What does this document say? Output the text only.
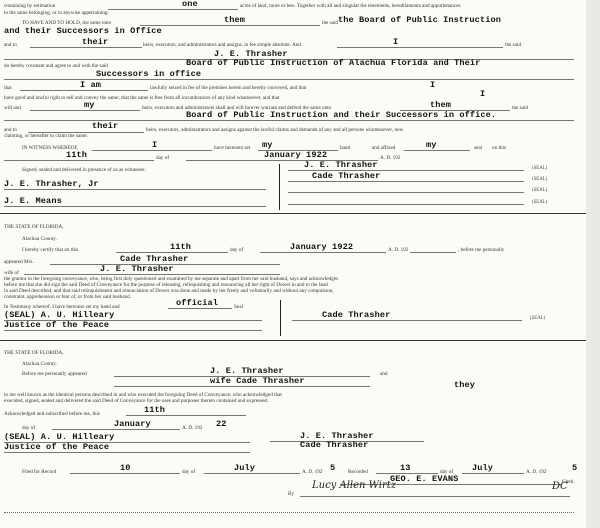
containing by estimation	one	acres of land, more or less. Together with all and singular the tenements, hereditaments and appurtenances
to the same belonging, or in anywise appertaining.
TO HAVE AND TO HOLD, the same unto	them	the said the Board of Public Instruction
and their Successors in Office
and to	their	heirs, executors, and administrators and assigns, in fee simple absolute. And	I	the said
J. E. Thrasher
do hereby covenant and agree to and with the said	Board of Public Instruction of Alachua Florida and Their
Successors in office
that	I am	lawfully seized in fee of the premises herein and hereby conveyed, and that	I
have good and lawful right to sell and convey the same; that the same is free from all incumbrances of any kind whatsoever, and that	I
will and	my	heirs, executors and administrators shall and will forever warrant and defend the same unto	them	the said
Board of Public Instruction and their Successors in office.
and to	their	heirs, executors, administrators and assigns against the lawful claims and demands of any and all persons whomsoever, now
claiming, or hereafter to claim the same.
IN WITNESS WHEREOF,	I	have hereunto set my	hand	and affixed	my	seal on this
11th	day of	January 1922	A. D. 192
Signed, sealed and delivered in presence of us as witnesses:	J. E. Thrasher	(SEAL)
Cade Thrasher	(SEAL)
J. E. Thrasher, Jr
(SEAL)
J. E. Means	(SEAL)
THE STATE OF FLORIDA,
Alachua County.
I hereby certify that on this	11th	day of	January 1922	A. D. 192	, before me personally
appeared Mrs.	Cade Thrasher
wife of	J. E. Thrasher
the grantor in the foregoing conveyance, who, being first duly questioned and examined by me separate and apart from her said husband, says and acknowledges
before me that she did sign the said Deed of Conveyance for the purpose of releasing, relinquishing and renouncing all her right of Dower in and to the land
in said Deed described, and that said relinquishment and renunciation of Dower was done and made by her freely and voluntarily and without any compulsion,
constraint, apprehension or fear of, or from her said husband.
In Testimony whereof, I have hereunto set my hand and	official	Seal
(SEAL) A. U. Hilleary
Justice of the Peace
Cade Thrasher	(SEAL)
THE STATE OF FLORIDA,
Alachua County.
Before me personally appeared	J. E. Thrasher	and
wife Cade Thrasher	they
to me well known as the identical persons described in and who executed the foregoing Deed of Conveyance, who acknowledged that
executed, signed, sealed and delivered the said Deed of Conveyance for the uses and purposes therein contained and expressed.
Acknowledged and subscribed before me, this	11th
day of	January	A. D. 192 22
(SEAL) A. U. Hilleary
Justice of the Peace
J. E. Thrasher
Cade Thrasher
Filed for Record	10	day of	July	A. D. 192 5 Recorded	13	day of July	A. D. 192	5
GEO. E. EVANS	Clerk.
By
Lucy Allen Wirtz	DC
